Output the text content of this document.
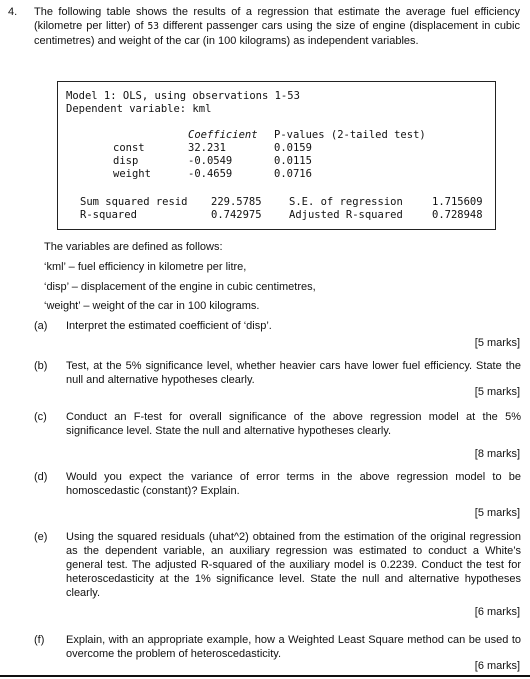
4. The following table shows the results of a regression that estimate the average fuel efficiency (kilometre per litter) of 53 different passenger cars using the size of engine (displacement in cubic centimetres) and weight of the car (in 100 kilograms) as independent variables.
Model 1: OLS, using observations 1-53
Dependent variable: kml
Coefficient P-values (2-tailed test)
const	32.231	0.0159
disp	-0.0549	0.0115
weight	-0.4659	0.0716
Sum squared resid 229.5785	S.E. of regression	1.715609
R-squared	0.742975	Adjusted R-squared	0.728948
The variables are defined as follows:
‘kml’ – fuel efficiency in kilometre per litre,
‘disp’ – displacement of the engine in cubic centimetres,
‘weight’ – weight of the car in 100 kilograms.
(a) Interpret the estimated coefficient of ‘disp’.
[5 marks]
(b) Test, at the 5% significance level, whether heavier cars have lower fuel efficiency. State the null and alternative hypotheses clearly.
[5 marks]
(c) Conduct an F-test for overall significance of the above regression model at the 5% significance level. State the null and alternative hypotheses clearly.
[8 marks]
(d) Would you expect the variance of error terms in the above regression model to be homoscedastic (constant)? Explain.
[5 marks]
(e) Using the squared residuals (uhat^2) obtained from the estimation of the original regression as the dependent variable, an auxiliary regression was estimated to conduct a White’s general test. The adjusted R-squared of the auxiliary model is 0.2239. Conduct the test for heteroscedasticity at the 1% significance level. State the null and alternative hypotheses clearly.
[6 marks]
(f) Explain, with an appropriate example, how a Weighted Least Square method can be used to overcome the problem of heteroscedasticity.
[6 marks]
